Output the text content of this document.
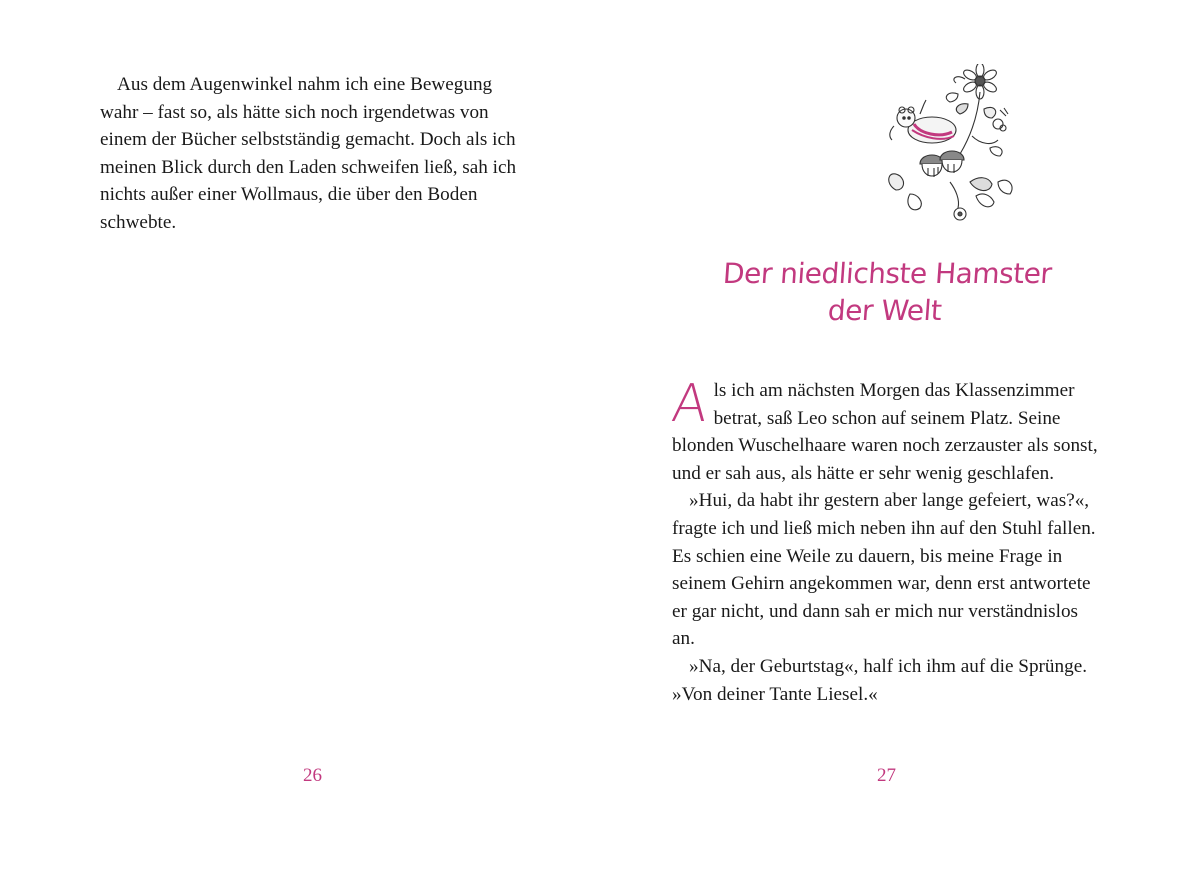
Aus dem Augenwinkel nahm ich eine Bewegung wahr – fast so, als hätte sich noch irgendetwas von einem der Bücher selbstständig gemacht. Doch als ich meinen Blick durch den Laden schweifen ließ, sah ich nichts außer einer Wollmaus, die über den Boden schwebte.

26
Der niedlichste Hamster
der Welt

Als ich am nächsten Morgen das Klassenzimmer betrat, saß Leo schon auf seinem Platz. Seine blonden Wuschelhaare waren noch zerzauster als sonst, und er sah aus, als hätte er sehr wenig geschlafen.

»Hui, da habt ihr gestern aber lange gefeiert, was?«, fragte ich und ließ mich neben ihn auf den Stuhl fallen. Es schien eine Weile zu dauern, bis meine Frage in seinem Gehirn angekommen war, denn erst antwortete er gar nicht, und dann sah er mich nur verständnislos an.

»Na, der Geburtstag«, half ich ihm auf die Sprünge. »Von deiner Tante Liesel.«

27
